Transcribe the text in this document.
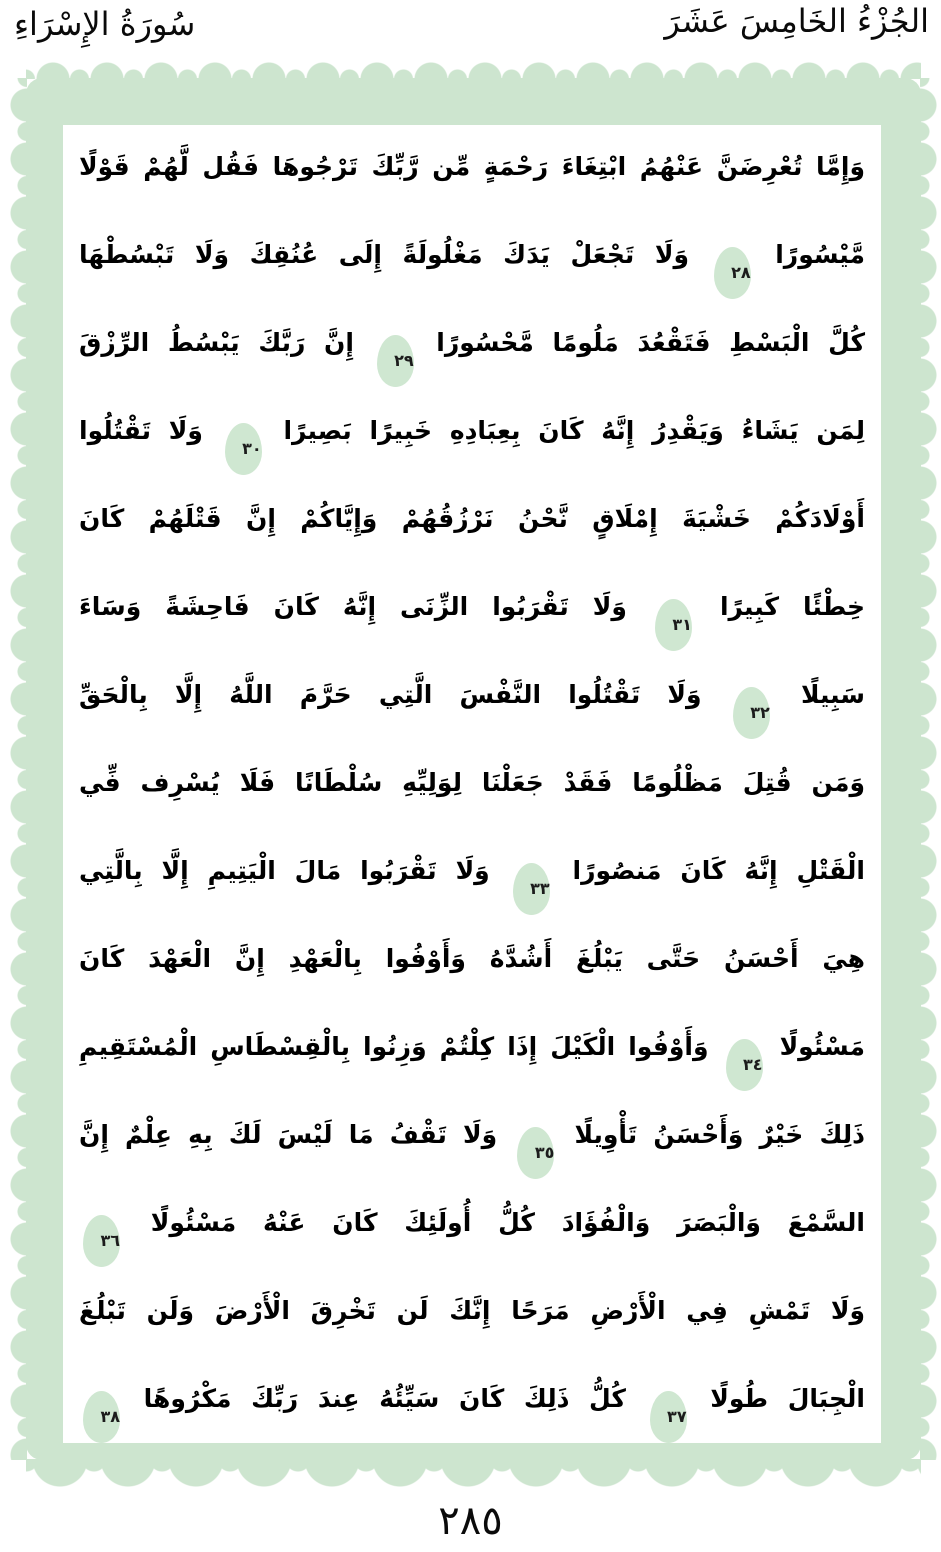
الجُزْءُ الخَامِسَ عَشَرَ
سُورَةُ الإِسْرَاءِ
وَإِمَّا تُعْرِضَنَّ عَنْهُمُ ابْتِغَاءَ رَحْمَةٍ مِّن رَّبِّكَ تَرْجُوهَا فَقُل لَّهُمْ قَوْلًا
مَّيْسُورًا ٢٨ وَلَا تَجْعَلْ يَدَكَ مَغْلُولَةً إِلَى عُنُقِكَ وَلَا تَبْسُطْهَا
كُلَّ الْبَسْطِ فَتَقْعُدَ مَلُومًا مَّحْسُورًا ٢٩ إِنَّ رَبَّكَ يَبْسُطُ الرِّزْقَ
لِمَن يَشَاءُ وَيَقْدِرُ إِنَّهُ كَانَ بِعِبَادِهِ خَبِيرًا بَصِيرًا ٣٠ وَلَا تَقْتُلُوا
أَوْلَادَكُمْ خَشْيَةَ إِمْلَاقٍ نَّحْنُ نَرْزُقُهُمْ وَإِيَّاكُمْ إِنَّ قَتْلَهُمْ كَانَ
خِطْئًا كَبِيرًا ٣١ وَلَا تَقْرَبُوا الزِّنَى إِنَّهُ كَانَ فَاحِشَةً وَسَاءَ
سَبِيلًا ٣٢ وَلَا تَقْتُلُوا النَّفْسَ الَّتِي حَرَّمَ اللَّهُ إِلَّا بِالْحَقِّ
وَمَن قُتِلَ مَظْلُومًا فَقَدْ جَعَلْنَا لِوَلِيِّهِ سُلْطَانًا فَلَا يُسْرِف فِّي
الْقَتْلِ إِنَّهُ كَانَ مَنصُورًا ٣٣ وَلَا تَقْرَبُوا مَالَ الْيَتِيمِ إِلَّا بِالَّتِي
هِيَ أَحْسَنُ حَتَّى يَبْلُغَ أَشُدَّهُ وَأَوْفُوا بِالْعَهْدِ إِنَّ الْعَهْدَ كَانَ
مَسْئُولًا ٣٤ وَأَوْفُوا الْكَيْلَ إِذَا كِلْتُمْ وَزِنُوا بِالْقِسْطَاسِ الْمُسْتَقِيمِ
ذَلِكَ خَيْرٌ وَأَحْسَنُ تَأْوِيلًا ٣٥ وَلَا تَقْفُ مَا لَيْسَ لَكَ بِهِ عِلْمٌ إِنَّ
السَّمْعَ وَالْبَصَرَ وَالْفُؤَادَ كُلُّ أُولَئِكَ كَانَ عَنْهُ مَسْئُولًا ٣٦
وَلَا تَمْشِ فِي الْأَرْضِ مَرَحًا إِنَّكَ لَن تَخْرِقَ الْأَرْضَ وَلَن تَبْلُغَ
الْجِبَالَ طُولًا ٣٧ كُلُّ ذَلِكَ كَانَ سَيِّئُهُ عِندَ رَبِّكَ مَكْرُوهًا ٣٨
٢٨٥
